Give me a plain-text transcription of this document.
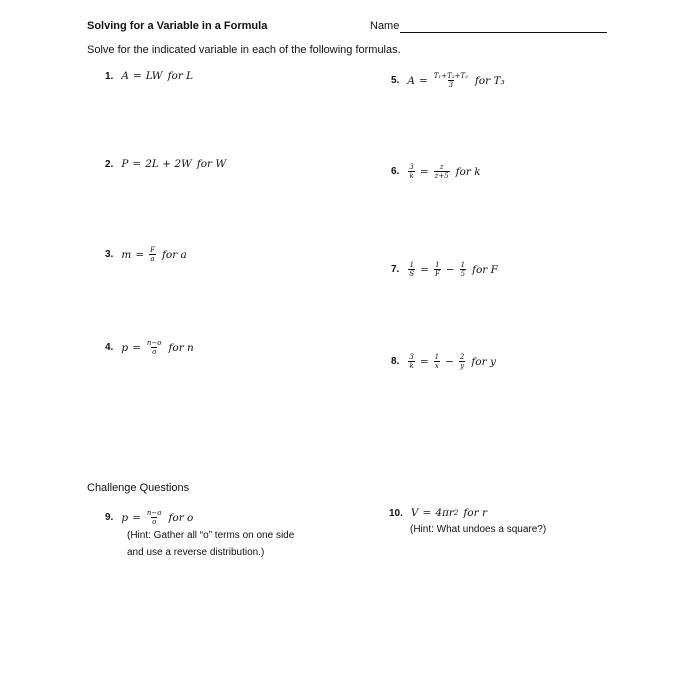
Solving for a Variable in a Formula	Name
Solve for the indicated variable in each of the following formulas.
1. A = LW for L	5. $A = \frac{\text{T₁+T₂+T₃}}{3}$ for T₃
2. P = 2L + 2W for W
6. $\frac{3}{k} = \frac{z}{z+5}$ for k
3. $m = \frac{F}{a}$ for a
7. $\frac{1}{S} = \frac{1}{F} - \frac{1}{5}$ for F
4. $p = \frac{n-o}{o}$ for n
8. $\frac{3}{k} = \frac{1}{x} - \frac{2}{y}$ for y
Challenge Questions
9. $p = \frac{n-o}{o}$ for o
(Hint: Gather all “o” terms on one side
and use a reverse distribution.)
10. V = 4πr 2 for r
(Hint: What undoes a square?)
